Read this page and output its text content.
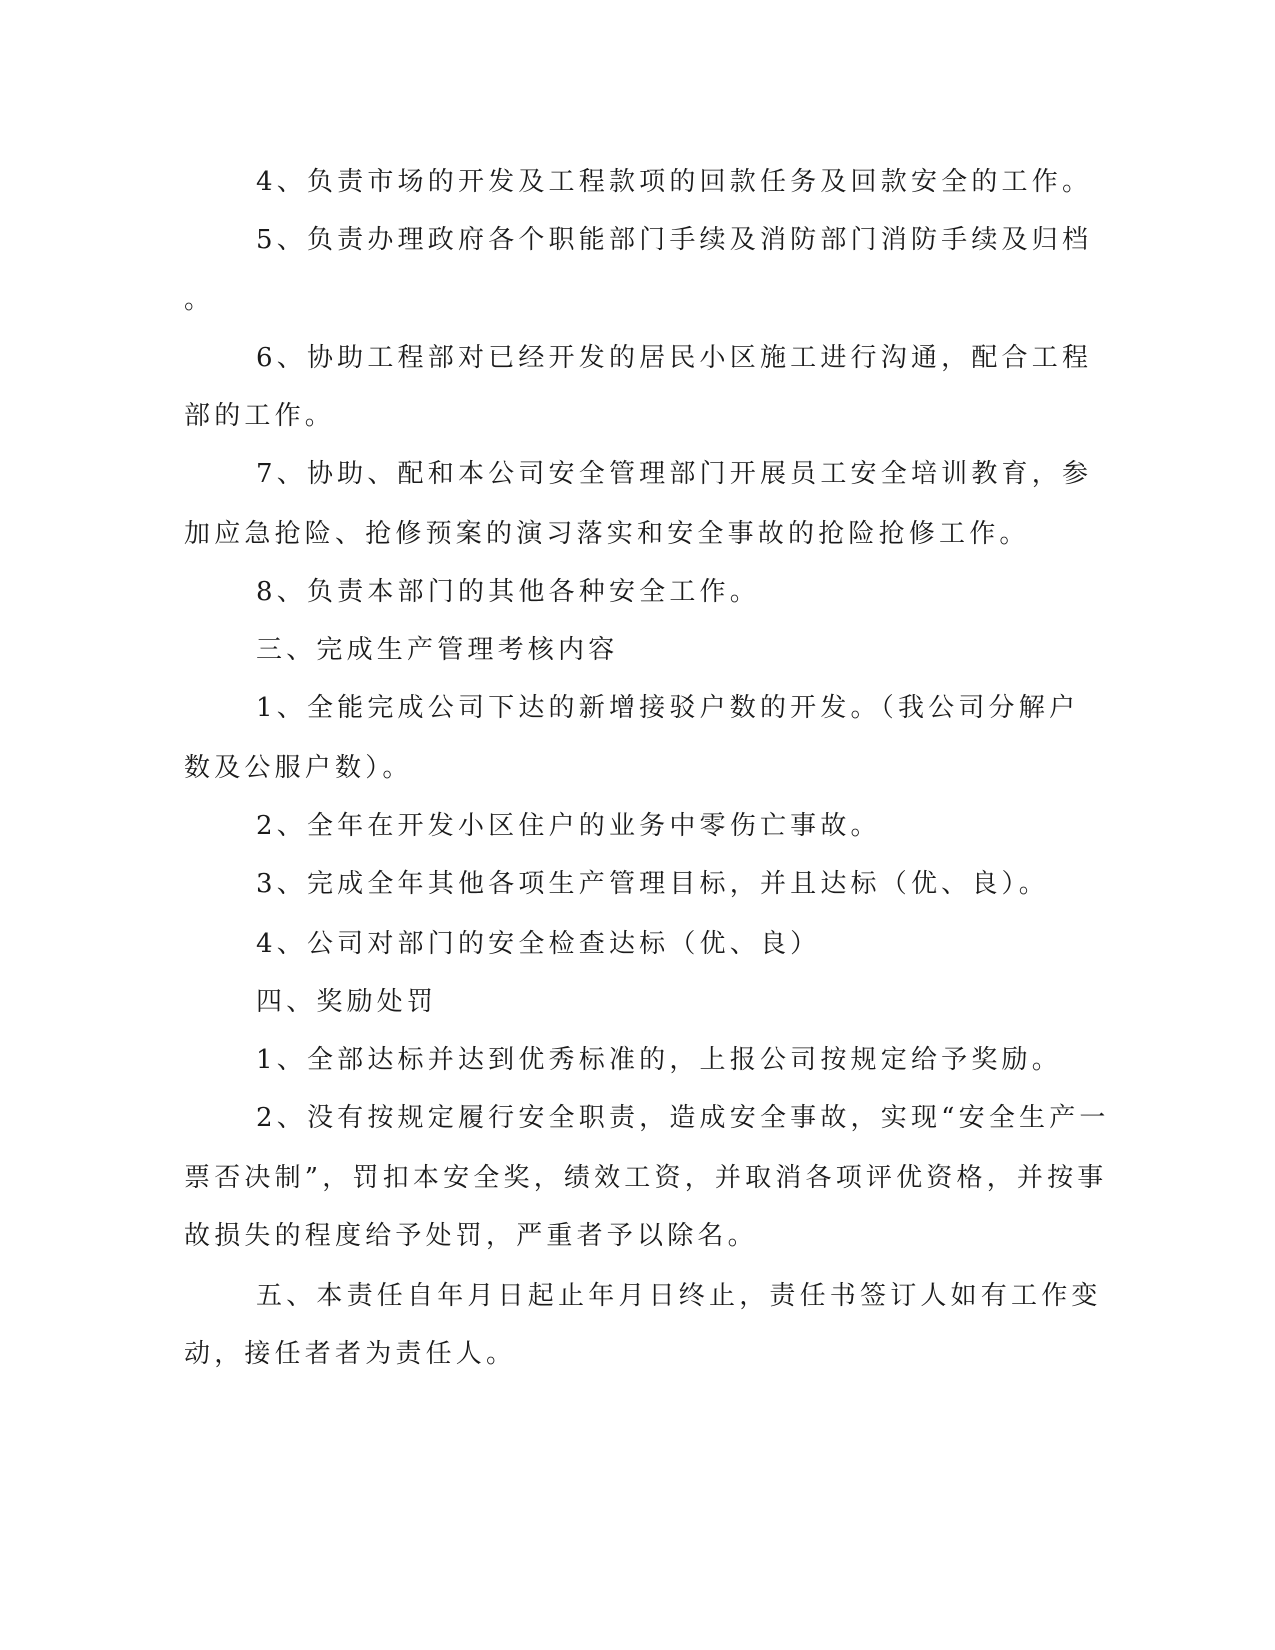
4、负责市场的开发及工程款项的回款任务及回款安全的工作。
5、负责办理政府各个职能部门手续及消防部门消防手续及归档
。
6、协助工程部对已经开发的居民小区施工进行沟通，配合工程
部的工作。
7、协助、配和本公司安全管理部门开展员工安全培训教育，参
加应急抢险、抢修预案的演习落实和安全事故的抢险抢修工作。
8、负责本部门的其他各种安全工作。
三、完成生产管理考核内容
1、全能完成公司下达的新增接驳户数的开发。（我公司分解户
数及公服户数）。
2、全年在开发小区住户的业务中零伤亡事故。
3、完成全年其他各项生产管理目标，并且达标（优、良）。
4、公司对部门的安全检查达标（优、良）
四、奖励处罚
1、全部达标并达到优秀标准的，上报公司按规定给予奖励。
2、没有按规定履行安全职责，造成安全事故，实现“安全生产一
票否决制”，罚扣本安全奖，绩效工资，并取消各项评优资格，并按事
故损失的程度给予处罚，严重者予以除名。
五、本责任自年月日起止年月日终止，责任书签订人如有工作变
动，接任者者为责任人。
